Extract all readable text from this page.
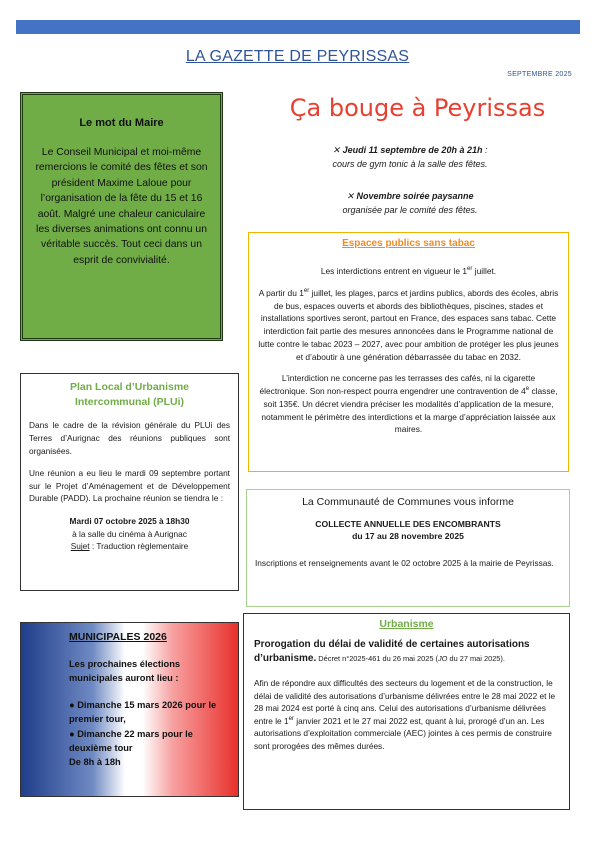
LA GAZETTE DE PEYRISSAS
SEPTEMBRE 2025
Le mot du Maire
Le Conseil Municipal et moi-même remercions le comité des fêtes et son président Maxime Laloue pour l’organisation de la fête du 15 et 16 août. Malgré une chaleur caniculaire les diverses animations ont connu un véritable succès. Tout ceci dans un esprit de convivialité.
Ça bouge à Peyrissas
✕ Jeudi 11 septembre de 20h à 21h :
cours de gym tonic à la salle des fêtes.
✕ Novembre soirée paysanne
organisée par le comité des fêtes.
Espaces publics sans tabac

Les interdictions entrent en vigueur le 1er juillet.

A partir du 1er juillet, les plages, parcs et jardins publics, abords des écoles, abris de bus, espaces ouverts et abords des bibliothèques, piscines, stades et installations sportives seront, partout en France, des espaces sans tabac. Cette interdiction fait partie des mesures annoncées dans le Programme national de lutte contre le tabac 2023 – 2027, avec pour ambition de protéger les plus jeunes et d’aboutir à une génération débarrassée du tabac en 2032.

L’interdiction ne concerne pas les terrasses des cafés, ni la cigarette électronique. Son non-respect pourra engendrer une contravention de 4e classe, soit 135€. Un décret viendra préciser les modalités d’application de la mesure, notamment le périmètre des interdictions et la marge d’appréciation laissée aux maires.

Plan Local d’Urbanisme
Intercommunal (PLUi)

Dans le cadre de la révision générale du PLUi des Terres d’Aurignac des réunions publiques sont organisées.

Une réunion a eu lieu le mardi 09 septembre portant sur le Projet d’Aménagement et de Développement Durable (PADD). La prochaine réunion se tiendra le :

Mardi 07 octobre 2025 à 18h30
à la salle du cinéma à Aurignac
Sujet : Traduction règlementaire
La Communauté de Communes vous informe
COLLECTE ANNUELLE DES ENCOMBRANTS
du 17 au 28 novembre 2025
Inscriptions et renseignements avant le 02 octobre 2025 à la mairie de Peyrissas.
MUNICIPALES 2026

Les prochaines élections municipales auront lieu :

● Dimanche 15 mars 2026 pour le premier tour,
● Dimanche 22 mars pour le deuxième tour
De 8h à 18h
Urbanisme
Prorogation du délai de validité de certaines autorisations d’urbanisme. Décret n°2025-461 du 26 mai 2025 (JO du 27 mai 2025).
Afin de répondre aux difficultés des secteurs du logement et de la construction, le délai de validité des autorisations d’urbanisme délivrées entre le 28 mai 2022 et le 28 mai 2024 est porté à cinq ans. Celui des autorisations d’urbanisme délivrées entre le 1er janvier 2021 et le 27 mai 2022 est, quant à lui, prorogé d’un an. Les autorisations d’exploitation commerciale (AEC) jointes à ces permis de construire sont prorogées des mêmes durées.
